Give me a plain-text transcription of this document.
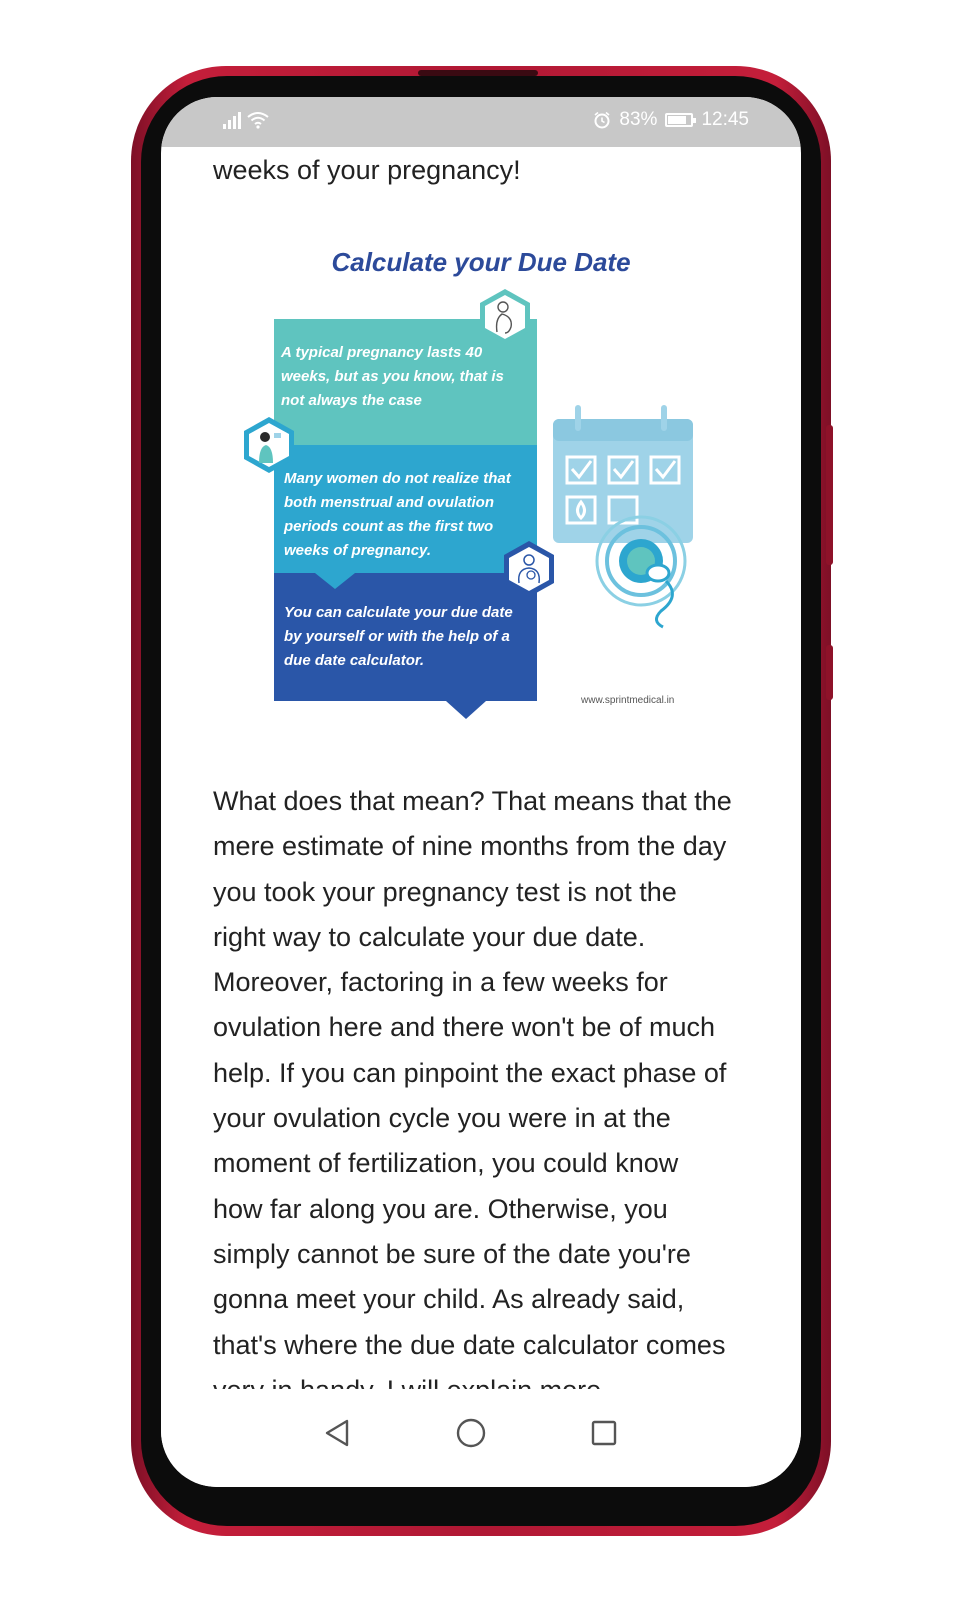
83% 12:45
weeks of your pregnancy!
Calculate your Due Date
A typical pregnancy lasts 40 weeks, but as you know, that is not always the case
Many women do not realize that both menstrual and ovulation periods count as the first two weeks of pregnancy.
You can calculate your due date by yourself or with the help of a due date calculator.
www.sprintmedical.in
What does that mean? That means that the mere estimate of nine months from the day you took your pregnancy test is not the right way to calculate your due date. Moreover, factoring in a few weeks for ovulation here and there won't be of much help. If you can pinpoint the exact phase of your ovulation cycle you were in at the moment of fertilization, you could know how far along you are. Otherwise, you simply cannot be sure of the date you're gonna meet your child. As already said, that's where the due date calculator comes
